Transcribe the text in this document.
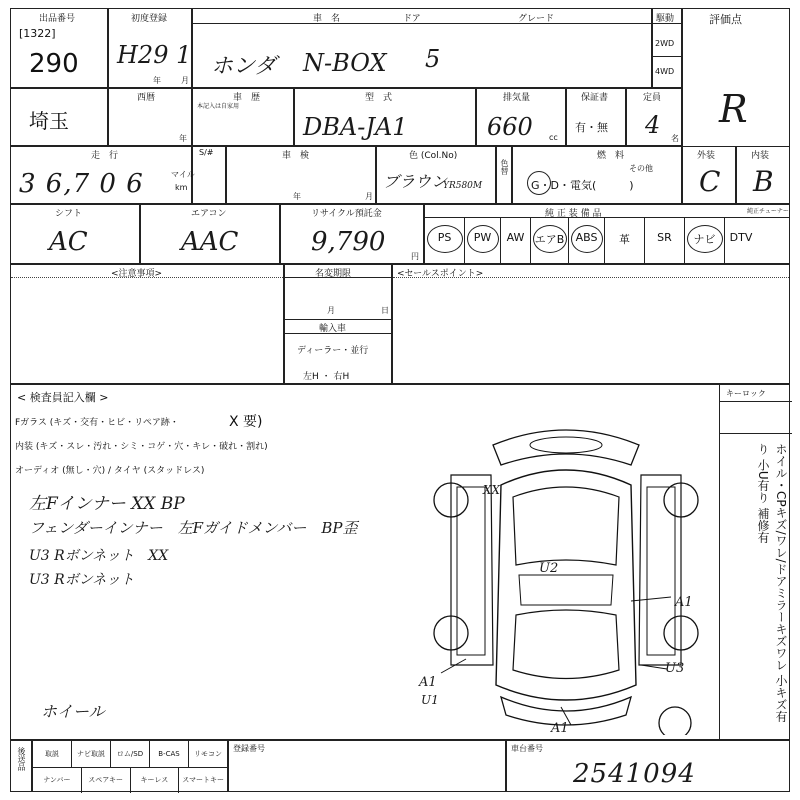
出品番号
[1322]
290
初度登録
H29 1
年	月
車　名	ドア	グレード
ホンダ N-BOX 5
駆動
2WD
4WD
評価点
R
埼玉
西暦
年
車　歴
本記入は自家用
型　式
DBA-JA1
排気量
660 cc
保証書
有・無
定員
4 名
走　行
3 6,7 0 6	マイル
km
S/#	車　検
年	月
色 (Col.No)
ブラウン
YR580M
色替
燃　料
その他
G・D・電気(　　　)
外装
C
内装
B
シフト
AC
エアコン
AAC
リサイクル預託金
9,790	円
純 正 装 備 品	純正チューナー
PS	PW	AW エアB	ABS	革	SR	ナビ	DTV
<注意事項>	名変期限
月	日
輸入車
ディーラー・並行
左H ・ 右H
<セールスポイント>
< 検査員記入欄 >
Fガラス (キズ・交有・ヒビ・リペア跡・	X 要)
内装 (キズ・スレ・汚れ・シミ・コゲ・穴・キレ・破れ・割れ)
オーディオ (無し・穴) / タイヤ (スタッドレス)
左Fインナー XX BP
フェンダーインナー　左Fガイドメンバー　BP歪
U3 Rボンネット　XX
U3 Rボンネット
ホイール
キーロック
ホイル・CPキズ/ワレ/ドアミラーキズワレ 小キズ有り 小U有り 補修有
XX
U2
A1
U3
A1
U1
A1
後送品	取説	ナビ取説	ロム/SD	B-CAS	リモコン
ナンバー	スペアキー	キーレス	スマートキー
登録番号	車台番号
2541094
